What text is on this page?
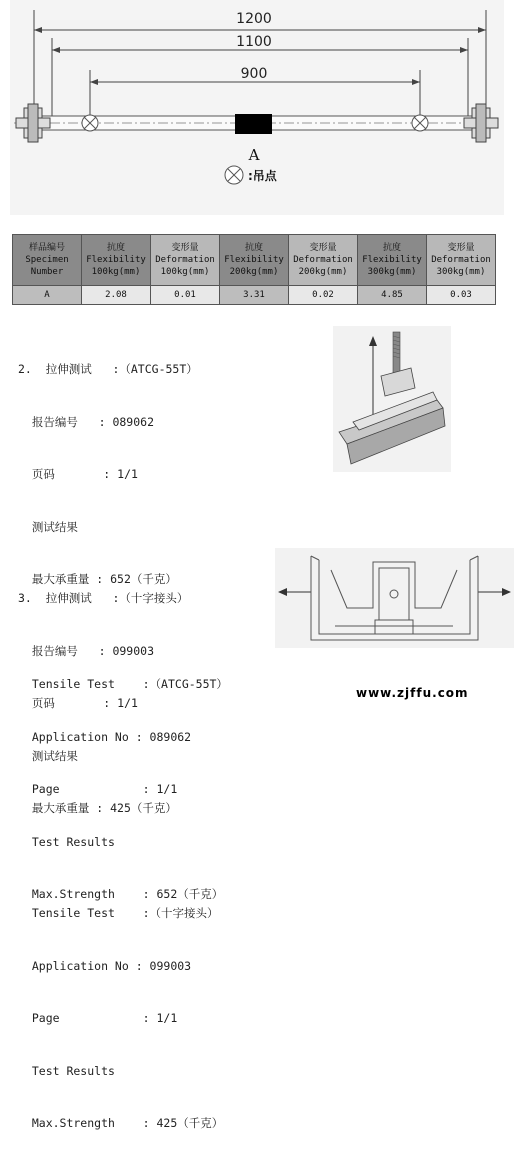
1200
1100
900
A
:吊点
样品编号
Specimen
Number	抗度
Flexibility
100kg(mm)	变形量
Deformation
100kg(mm)	抗度
Flexibility
200kg(mm)	变形量
Deformation
200kg(mm)	抗度
Flexibility
300kg(mm)	变形量
Deformation
300kg(mm)
A	2.08	0.01	3.31	0.02	4.85	0.03

2.  拉伸测试   :（ATCG-55T）

报告编号   : 089062

页码       : 1/1

测试结果

最大承重量 : 652（千克）

Tensile Test    :（ATCG-55T）

Application No : 089062

Page            : 1/1

Test Results

Max.Strength    : 652（千克）

3.  拉伸测试   :（十字接头）

报告编号   : 099003

页码       : 1/1

测试结果

最大承重量 : 425（千克）

Tensile Test    :（十字接头）

Application No : 099003

Page            : 1/1

Test Results

Max.Strength    : 425（千克）

www.zjffu.com
